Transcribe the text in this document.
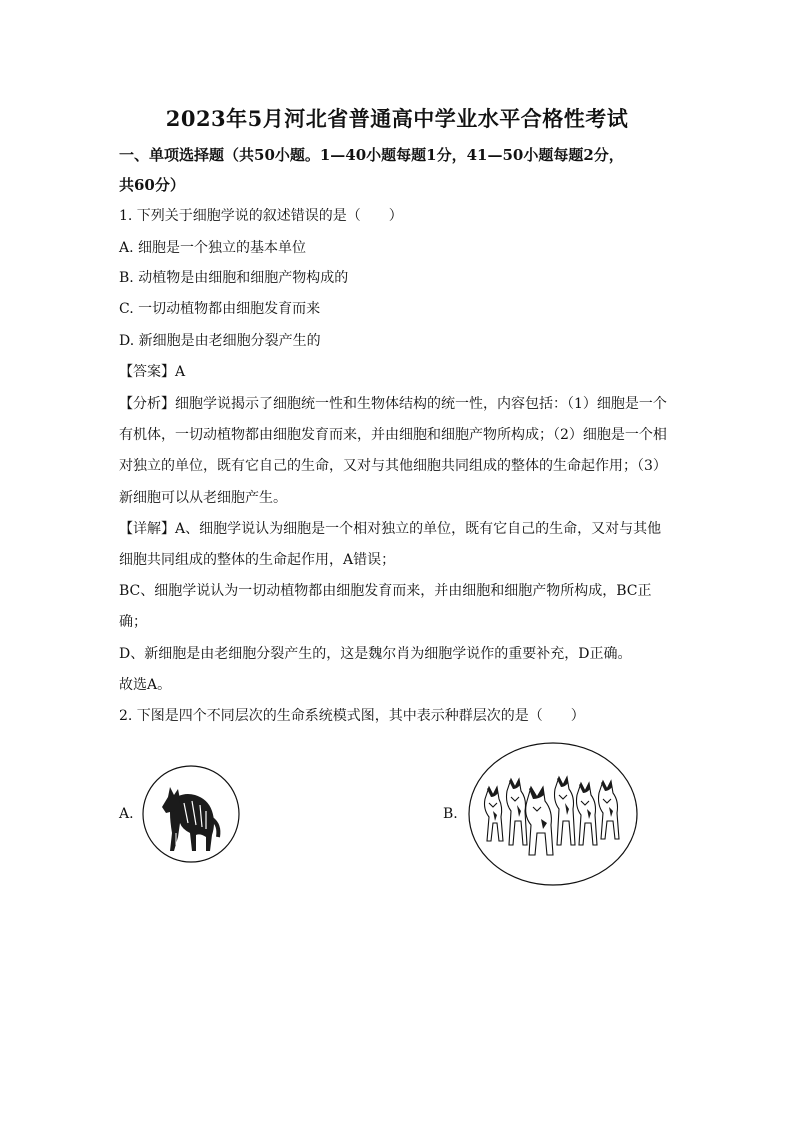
2023年5月河北省普通高中学业水平合格性考试
一、单项选择题（共50小题。1—40小题每题1分，41—50小题每题2分，
共60分）
1. 下列关于细胞学说的叙述错误的是（　　）
A. 细胞是一个独立的基本单位
B. 动植物是由细胞和细胞产物构成的
C. 一切动植物都由细胞发育而来
D. 新细胞是由老细胞分裂产生的
【答案】A
【分析】细胞学说揭示了细胞统一性和生物体结构的统一性，内容包括：（1）细胞是一个
有机体，一切动植物都由细胞发育而来，并由细胞和细胞产物所构成；（2）细胞是一个相
对独立的单位，既有它自己的生命，又对与其他细胞共同组成的整体的生命起作用；（3）
新细胞可以从老细胞产生。
【详解】A、细胞学说认为细胞是一个相对独立的单位，既有它自己的生命，又对与其他
细胞共同组成的整体的生命起作用，A错误；
BC、细胞学说认为一切动植物都由细胞发育而来，并由细胞和细胞产物所构成，BC正
确；
D、新细胞是由老细胞分裂产生的，这是魏尔肖为细胞学说作的重要补充，D正确。
故选A。
2. 下图是四个不同层次的生命系统模式图，其中表示种群层次的是（　　）
A.	B.
